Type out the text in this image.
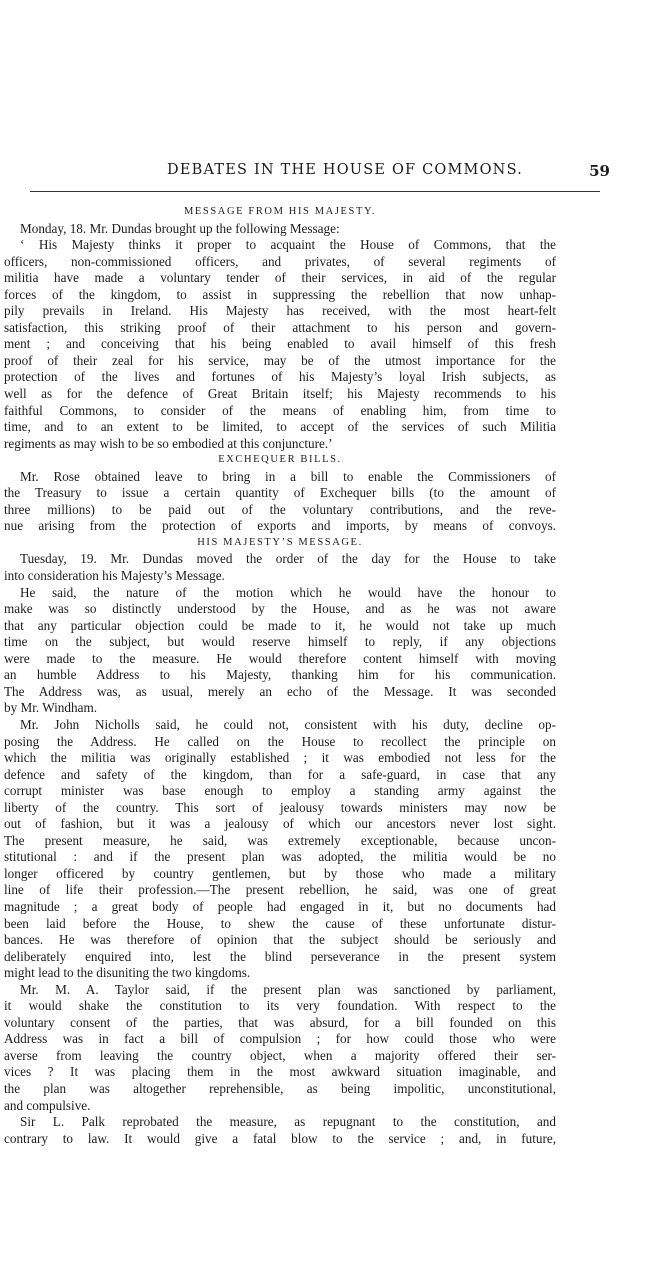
DEBATES IN THE HOUSE OF COMMONS.	59
MESSAGE FROM HIS MAJESTY.
Monday, 18. Mr. Dundas brought up the following Message:
‘ His Majesty thinks it proper to acquaint the House of Commons, that the
officers, non-commissioned officers, and privates, of several regiments of
militia have made a voluntary tender of their services, in aid of the regular
forces of the kingdom, to assist in suppressing the rebellion that now unhap-
pily prevails in Ireland. His Majesty has received, with the most heart-felt
satisfaction, this striking proof of their attachment to his person and govern-
ment ; and conceiving that his being enabled to avail himself of this fresh
proof of their zeal for his service, may be of the utmost importance for the
protection of the lives and fortunes of his Majesty’s loyal Irish subjects, as
well as for the defence of Great Britain itself; his Majesty recommends to his
faithful Commons, to consider of the means of enabling him, from time to
time, and to an extent to be limited, to accept of the services of such Militia
regiments as may wish to be so embodied at this conjuncture.’
EXCHEQUER BILLS.
Mr. Rose obtained leave to bring in a bill to enable the Commissioners of
the Treasury to issue a certain quantity of Exchequer bills (to the amount of
three millions) to be paid out of the voluntary contributions, and the reve-
nue arising from the protection of exports and imports, by means of convoys.
HIS MAJESTY’S MESSAGE.
Tuesday, 19. Mr. Dundas moved the order of the day for the House to take
into consideration his Majesty’s Message.
He said, the nature of the motion which he would have the honour to
make was so distinctly understood by the House, and as he was not aware
that any particular objection could be made to it, he would not take up much
time on the subject, but would reserve himself to reply, if any objections
were made to the measure. He would therefore content himself with moving
an humble Address to his Majesty, thanking him for his communication.
The Address was, as usual, merely an echo of the Message. It was seconded
by Mr. Windham.
Mr. John Nicholls said, he could not, consistent with his duty, decline op-
posing the Address. He called on the House to recollect the principle on
which the militia was originally established ; it was embodied not less for the
defence and safety of the kingdom, than for a safe-guard, in case that any
corrupt minister was base enough to employ a standing army against the
liberty of the country. This sort of jealousy towards ministers may now be
out of fashion, but it was a jealousy of which our ancestors never lost sight.
The present measure, he said, was extremely exceptionable, because uncon-
stitutional : and if the present plan was adopted, the militia would be no
longer officered by country gentlemen, but by those who made a military
line of life their profession.—The present rebellion, he said, was one of great
magnitude ; a great body of people had engaged in it, but no documents had
been laid before the House, to shew the cause of these unfortunate distur-
bances. He was therefore of opinion that the subject should be seriously and
deliberately enquired into, lest the blind perseverance in the present system
might lead to the disuniting the two kingdoms.
Mr. M. A. Taylor said, if the present plan was sanctioned by parliament,
it would shake the constitution to its very foundation. With respect to the
voluntary consent of the parties, that was absurd, for a bill founded on this
Address was in fact a bill of compulsion ; for how could those who were
averse from leaving the country object, when a majority offered their ser-
vices ? It was placing them in the most awkward situation imaginable, and
the plan was altogether reprehensible, as being impolitic, unconstitutional,
and compulsive.
Sir L. Palk reprobated the measure, as repugnant to the constitution, and
contrary to law. It would give a fatal blow to the service ; and, in future,
